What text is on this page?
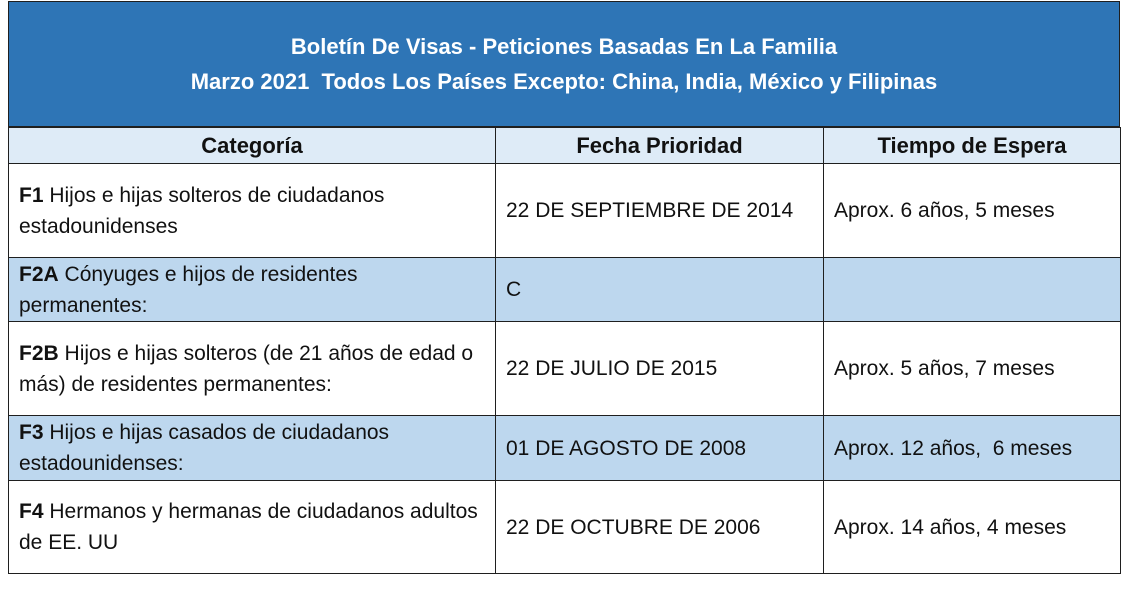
Boletín De Visas - Peticiones Basadas En La Familia
Marzo 2021  Todos Los Países Excepto: China, India, México y Filipinas
Categoría	Fecha Prioridad	Tiempo de Espera
F1 Hijos e hijas solteros de ciudadanos estadounidenses	22 DE SEPTIEMBRE DE 2014	Aprox. 6 años, 5 meses
F2A Cónyuges e hijos de residentes permanentes:	C	
F2B Hijos e hijas solteros (de 21 años de edad o más) de residentes permanentes:	22 DE JULIO DE 2015	Aprox. 5 años, 7 meses
F3 Hijos e hijas casados de ciudadanos estadounidenses:	01 DE AGOSTO DE 2008	Aprox. 12 años,  6 meses
F4 Hermanos y hermanas de ciudadanos adultos de EE. UU	22 DE OCTUBRE DE 2006	Aprox. 14 años, 4 meses
